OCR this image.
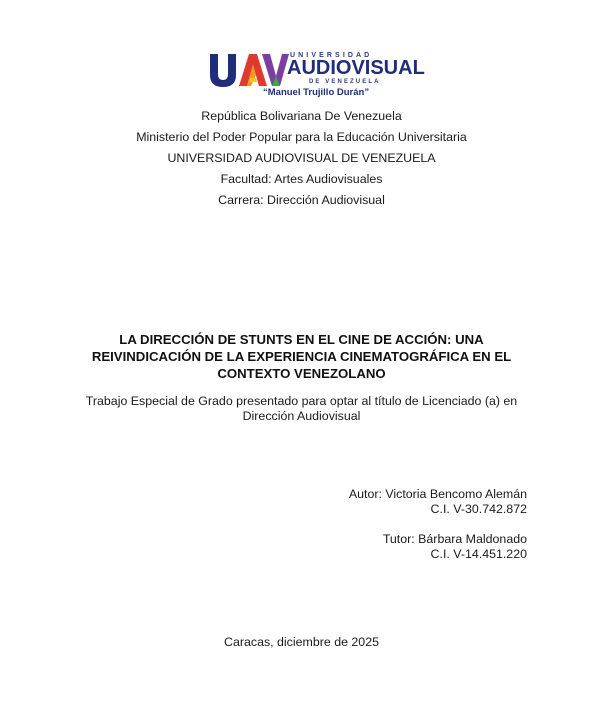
UNIVERSIDAD
AUDIOVISUAL
DE VENEZUELA
“Manuel Trujillo Durán”
República Bolivariana De Venezuela
Ministerio del Poder Popular para la Educación Universitaria
UNIVERSIDAD AUDIOVISUAL DE VENEZUELA
Facultad: Artes Audiovisuales
Carrera: Dirección Audiovisual
LA DIRECCIÓN DE STUNTS EN EL CINE DE ACCIÓN: UNA
REIVINDICACIÓN DE LA EXPERIENCIA CINEMATOGRÁFICA EN EL
CONTEXTO VENEZOLANO
Trabajo Especial de Grado presentado para optar al título de Licenciado (a) en
Dirección Audiovisual
Autor: Victoria Bencomo Alemán
C.I. V-30.742.872
Tutor: Bárbara Maldonado
C.I. V-14.451.220
Caracas, diciembre de 2025
